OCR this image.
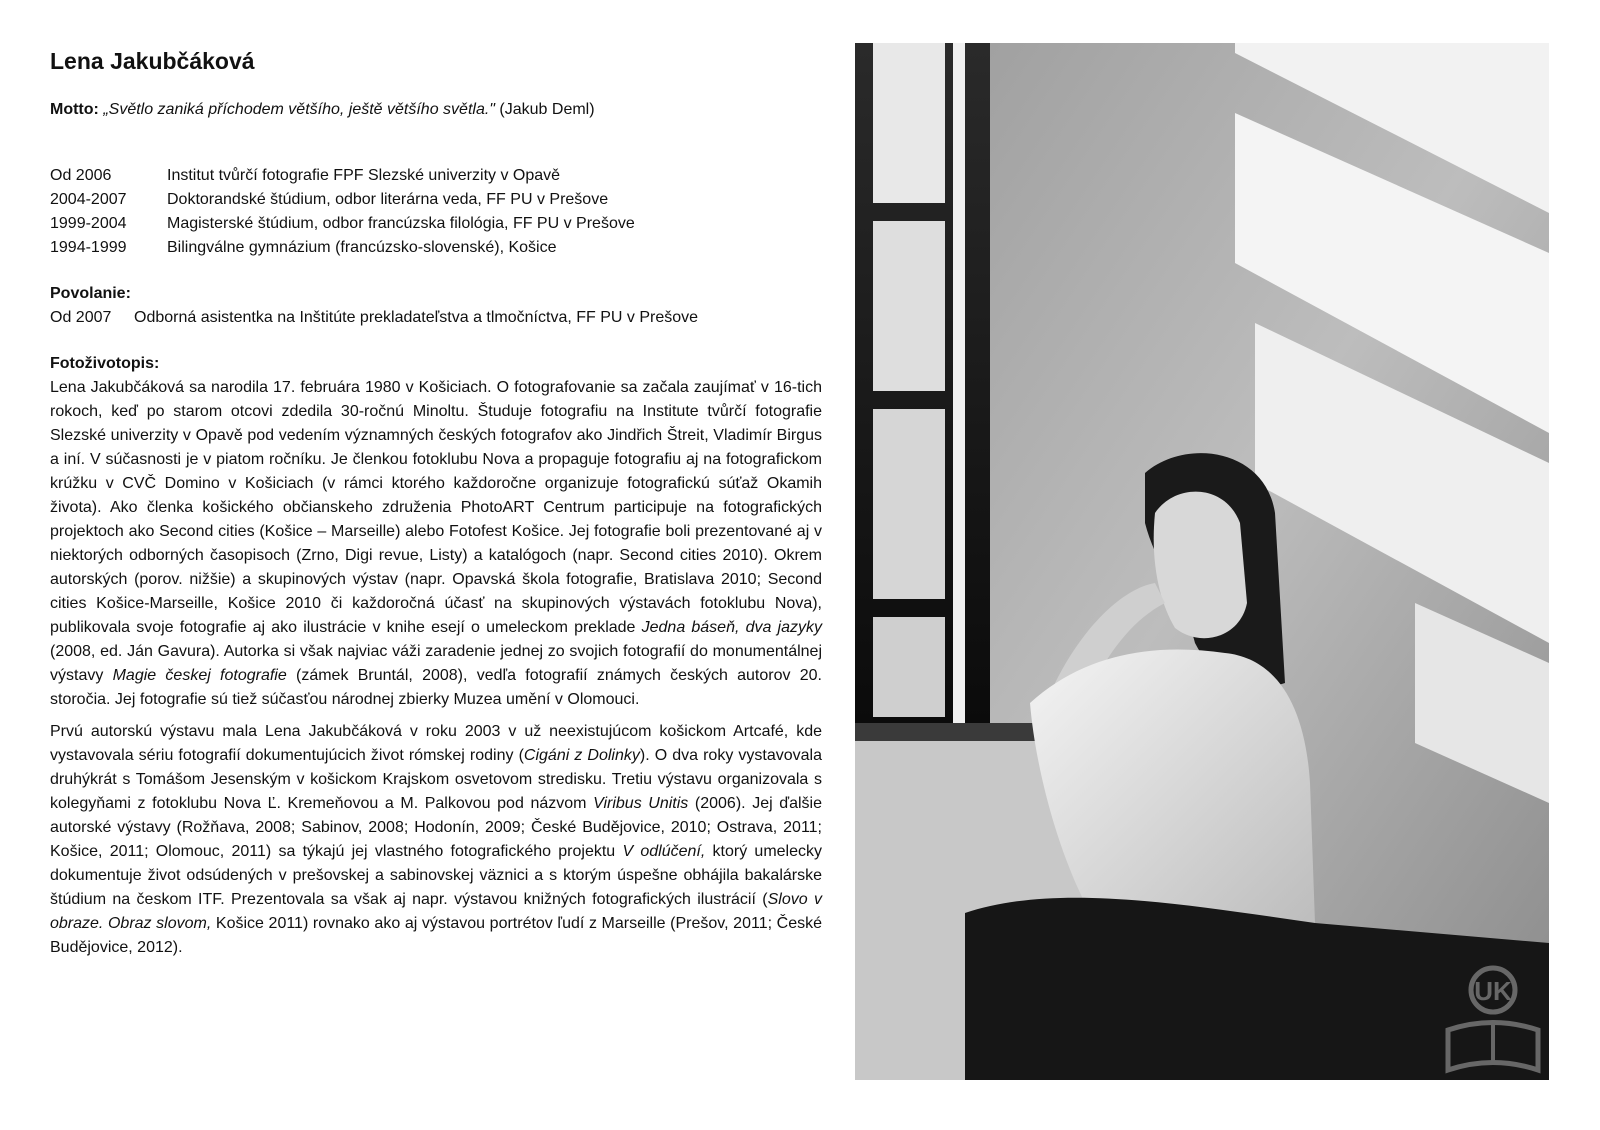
Lena Jakubčáková
Motto: „Světlo zaniká příchodem většího, ještě většího světla." (Jakub Deml)
Od 2006	Institut tvůrčí fotografie FPF Slezské univerzity v Opavě
2004-2007	Doktorandské štúdium, odbor literárna veda, FF PU v Prešove
1999-2004	Magisterské štúdium, odbor francúzska filológia, FF PU v Prešove
1994-1999	Bilingválne gymnázium (francúzsko-slovenské), Košice
Povolanie:
Od 2007	Odborná asistentka na Inštitúte prekladateľstva a tlmočníctva, FF PU v Prešove
Fotoživotopis:

Lena Jakubčáková sa narodila 17. februára 1980 v Košiciach. O fotografovanie sa začala zaujímať v 16-tich rokoch, keď po starom otcovi zdedila 30-ročnú Minoltu. Študuje fotografiu na Institute tvůrčí fotografie Slezské univerzity v Opavě pod vedením významných českých fotografov ako Jindřich Štreit, Vladimír Birgus a iní. V súčasnosti je v piatom ročníku. Je členkou fotoklubu Nova a propaguje fotografiu aj na fotografickom krúžku v CVČ Domino v Košiciach (v rámci ktorého každoročne organizuje fotografickú súťaž Okamih života). Ako členka košického občianskeho združenia PhotoART Centrum participuje na fotografických projektoch ako Second cities (Košice – Marseille) alebo Fotofest Košice. Jej fotografie boli prezentované aj v niektorých odborných časopisoch (Zrno, Digi revue, Listy) a katalógoch (napr. Second cities 2010). Okrem autorských (porov. nižšie) a skupinových výstav (napr. Opavská škola fotografie, Bratislava 2010; Second cities Košice-Marseille, Košice 2010 či každoročná účasť na skupinových výstavách fotoklubu Nova), publikovala svoje fotografie aj ako ilustrácie v knihe esejí o umeleckom preklade Jedna báseň, dva jazyky (2008, ed. Ján Gavura). Autorka si však najviac váži zaradenie jednej zo svojich fotografií do monumentálnej výstavy Magie českej fotografie (zámek Bruntál, 2008), vedľa fotografií známych českých autorov 20. storočia. Jej fotografie sú tiež súčasťou národnej zbierky Muzea umění v Olomouci.

Prvú autorskú výstavu mala Lena Jakubčáková v roku 2003 v už neexistujúcom košickom Artcafé, kde vystavovala sériu fotografií dokumentujúcich život rómskej rodiny (Cigáni z Dolinky). O dva roky vystavovala druhýkrát s Tomášom Jesenským v košickom Krajskom osvetovom stredisku. Tretiu výstavu organizovala s kolegyňami z fotoklubu Nova Ľ. Kremeňovou a M. Palkovou pod názvom Viribus Unitis (2006). Jej ďalšie autorské výstavy (Rožňava, 2008; Sabinov, 2008; Hodonín, 2009; České Budějovice, 2010; Ostrava, 2011; Košice, 2011; Olomouc, 2011) sa týkajú jej vlastného fotografického projektu V odlúčení, ktorý umelecky dokumentuje život odsúdených v prešovskej a sabinovskej väznici a s ktorým úspešne obhájila bakalárske štúdium na českom ITF. Prezentovala sa však aj napr. výstavou knižných fotografických ilustrácií (Slovo v obraze. Obraz slovom, Košice 2011) rovnako ako aj výstavou portrétov ľudí z Marseille (Prešov, 2011; České Budějovice, 2012).

UK
